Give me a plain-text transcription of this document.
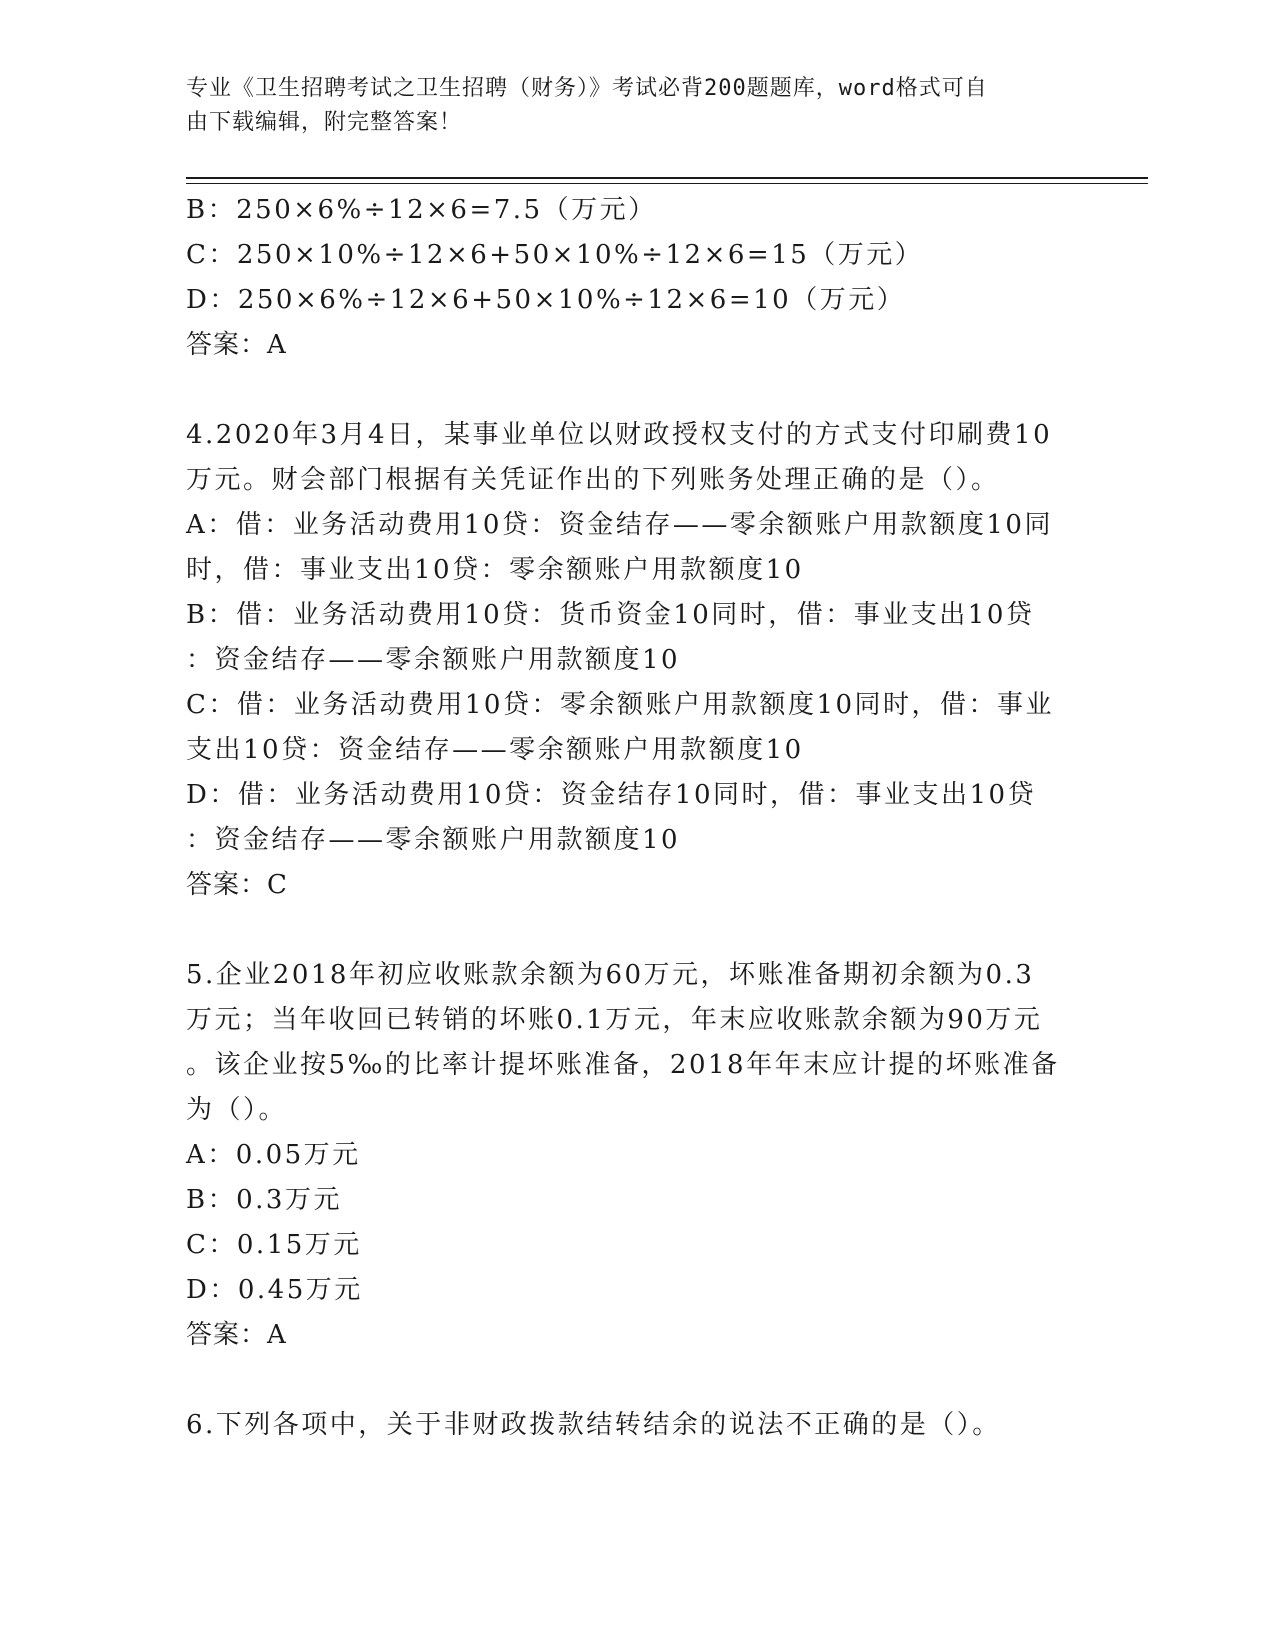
专业《卫生招聘考试之卫生招聘（财务）》考试必背200题题库，word格式可自

由下载编辑，附完整答案！

B：250×6%÷12×6=7.5（万元）
C：250×10%÷12×6+50×10%÷12×6=15（万元）
D：250×6%÷12×6+50×10%÷12×6=10（万元）
答案：A
4.2020年3月4日，某事业单位以财政授权支付的方式支付印刷费10
万元。财会部门根据有关凭证作出的下列账务处理正确的是（）。
A：借：业务活动费用10贷：资金结存——零余额账户用款额度10同
时，借：事业支出10贷：零余额账户用款额度10
B：借：业务活动费用10贷：货币资金10同时，借：事业支出10贷
：资金结存——零余额账户用款额度10
C：借：业务活动费用10贷：零余额账户用款额度10同时，借：事业
支出10贷：资金结存——零余额账户用款额度10
D：借：业务活动费用10贷：资金结存10同时，借：事业支出10贷
：资金结存——零余额账户用款额度10
答案：C
5.企业2018年初应收账款余额为60万元，坏账准备期初余额为0.3
万元；当年收回已转销的坏账0.1万元，年末应收账款余额为90万元
。该企业按5‰的比率计提坏账准备，2018年年末应计提的坏账准备
为（）。
A：0.05万元
B：0.3万元
C：0.15万元
D：0.45万元
答案：A
6.下列各项中，关于非财政拨款结转结余的说法不正确的是（）。
